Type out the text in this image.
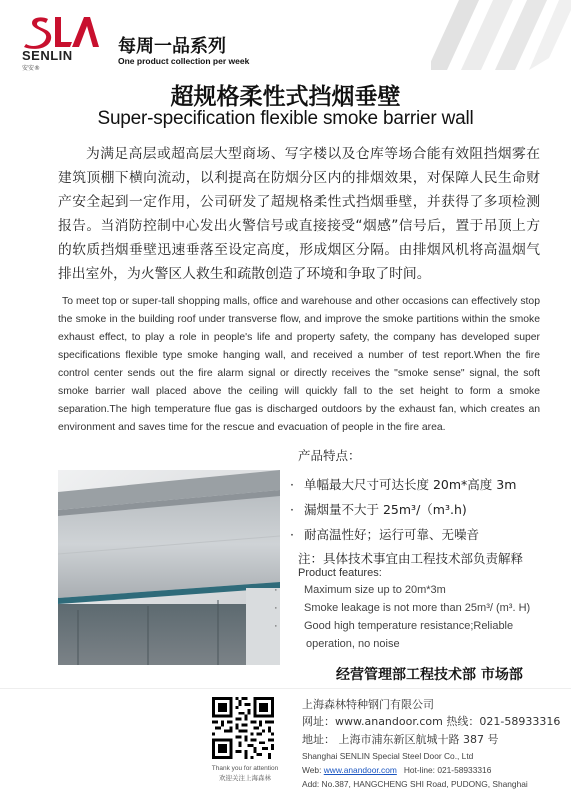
SENLIN
安安®
每周一品系列
One product collection per week
超规格柔性式挡烟垂壁
Super-specification flexible smoke barrier wall

为满足高层或超高层大型商场、写字楼以及仓库等场合能有效阻挡烟雾在建筑顶棚下横向流动，以利提高在防烟分区内的排烟效果，对保障人民生命财产安全起到一定作用，公司研发了超规格柔性式挡烟垂壁，并获得了多项检测报告。当消防控制中心发出火警信号或直接接受“烟感”信号后，置于吊顶上方的软质挡烟垂壁迅速垂落至设定高度，形成烟区分隔。由排烟风机将高温烟气排出室外，为火警区人救生和疏散创造了环境和争取了时间。

To meet top or super-tall shopping malls, office and warehouse and other occasions can effectively stop the smoke in the building roof under transverse flow, and improve the smoke partitions within the smoke exhaust effect, to play a role in people's life and property safety, the company has developed super specifications flexible type smoke hanging wall, and received a number of test report.When the fire control center sends out the fire alarm signal or directly receives the "smoke sense" signal, the soft smoke barrier wall placed above the ceiling will quickly fall to the set height to form a smoke separation.The high temperature flue gas is discharged outdoors by the exhaust fan, which creates an environment and saves time for the rescue and evacuation of people in the fire area.

产品特点：

· 单幅最大尺寸可达长度 20m*高度 3m
· 漏烟量不大于 25m³/（m³.h)
· 耐高温性好；运行可靠、无噪音

注：具体技术事宜由工程技术部负责解释

Product features:

· Maximum size up to 20m*3m
· Smoke leakage is not more than 25m³/ (m³. H)
· Good high temperature resistance;Reliable operation, no noise
经营管理部工程技术部 市场部
Thank you for attention
欢迎关注上海森林
上海森林特种钢门有限公司
网址：www.anandoor.com 热线：021-58933316
地址： 上海市浦东新区航城十路 387 号
Shanghai SENLIN Special Steel Door Co., Ltd
Web: www.anandoor.com Hot-line: 021-58933316
Add: No.387, HANGCHENG SHI Road, PUDONG, Shanghai
